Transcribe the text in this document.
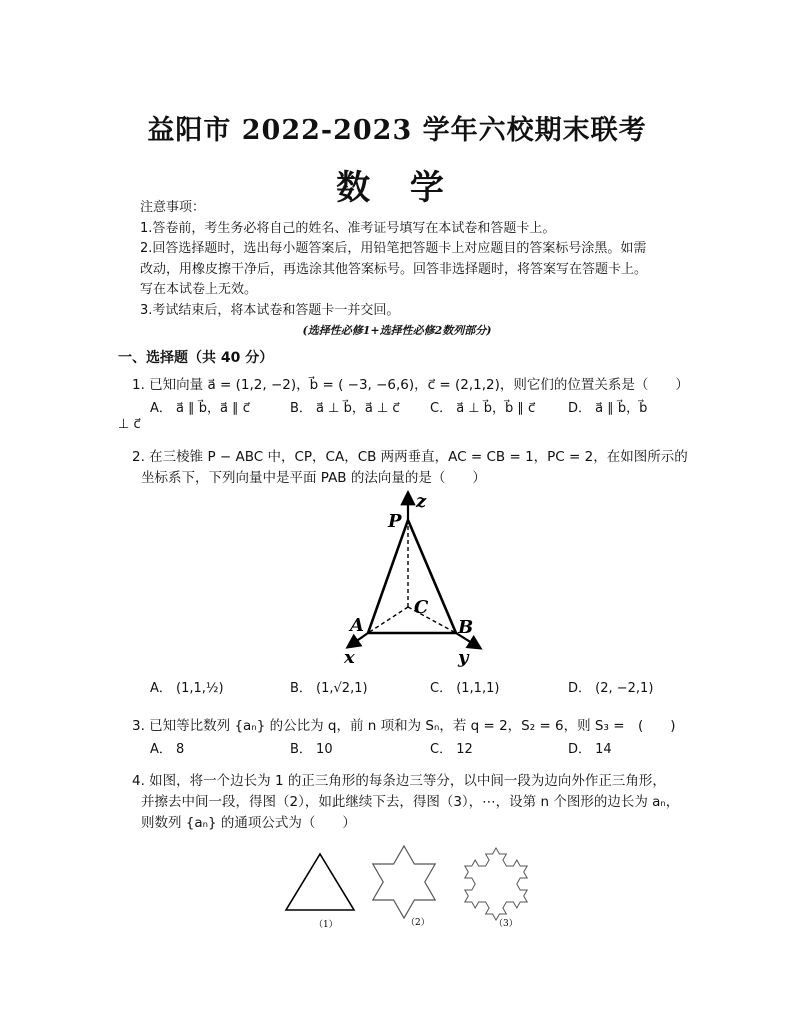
益阳市 2022-2023 学年六校期末联考
数 学
注意事项：
1.答卷前，考生务必将自己的姓名、准考证号填写在本试卷和答题卡上。
2.回答选择题时，选出每小题答案后，用铅笔把答题卡上对应题目的答案标号涂黑。如需
改动，用橡皮擦干净后，再选涂其他答案标号。回答非选择题时，将答案写在答题卡上。
写在本试卷上无效。
3.考试结束后，将本试卷和答题卡一并交回。
(选择性必修1+选择性必修2数列部分)
一、选择题（共 40 分）
1. 已知向量 a⃗ = (1,2, −2)，b⃗ = ( −3, −6,6)，c⃗ = (2,1,2)，则它们的位置关系是（　　）
A． a⃗ ∥ b⃗，a⃗ ∥ c⃗	B． a⃗ ⊥ b⃗，a⃗ ⊥ c⃗ C． a⃗ ⊥ b⃗，b⃗ ∥ c⃗	D． a⃗ ∥ b⃗，b⃗
⊥ c⃗
2. 在三棱锥 P − ABC 中，CP，CA，CB 两两垂直，AC = CB = 1，PC = 2，在如图所示的
坐标系下，下列向量中是平面 PAB 的法向量的是（　　）
z
P
C
A	B
x	y
A． (1,1,½)	B． (1,√2,1)	C． (1,1,1)	D． (2, −2,1)
3. 已知等比数列 {aₙ} 的公比为 q，前 n 项和为 Sₙ，若 q = 2，S₂ = 6，则 S₃ =　(　　)
A． 8	B． 10	C． 12	D． 14
4. 如图，将一个边长为 1 的正三角形的每条边三等分，以中间一段为边向外作正三角形，
并擦去中间一段，得图（2），如此继续下去，得图（3），⋯，设第 n 个图形的边长为 aₙ，
则数列 {aₙ} 的通项公式为（　　）
（1）	（2）	（3）
